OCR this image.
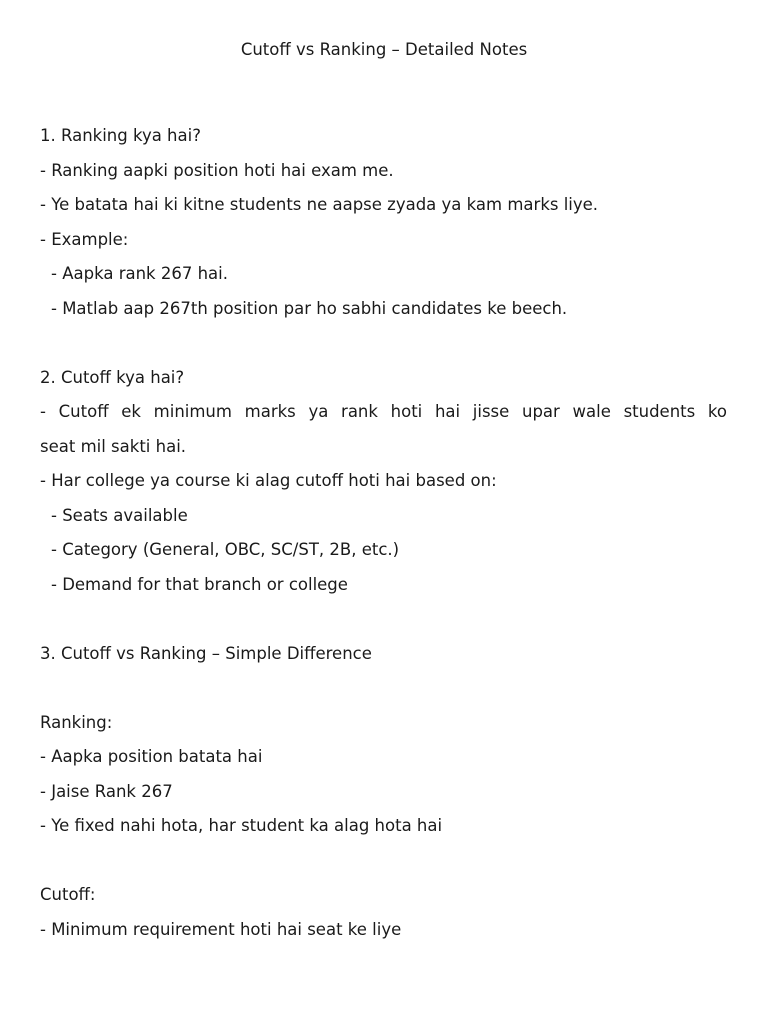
Cutoff vs Ranking – Detailed Notes
1. Ranking kya hai?
- Ranking aapki position hoti hai exam me.
- Ye batata hai ki kitne students ne aapse zyada ya kam marks liye.
- Example:
- Aapka rank 267 hai.
- Matlab aap 267th position par ho sabhi candidates ke beech.
2. Cutoff kya hai?
- Cutoff ek minimum marks ya rank hoti hai jisse upar wale students ko
seat mil sakti hai.
- Har college ya course ki alag cutoff hoti hai based on:
- Seats available
- Category (General, OBC, SC/ST, 2B, etc.)
- Demand for that branch or college
3. Cutoff vs Ranking – Simple Difference
Ranking:
- Aapka position batata hai
- Jaise Rank 267
- Ye fixed nahi hota, har student ka alag hota hai
Cutoff:
- Minimum requirement hoti hai seat ke liye
